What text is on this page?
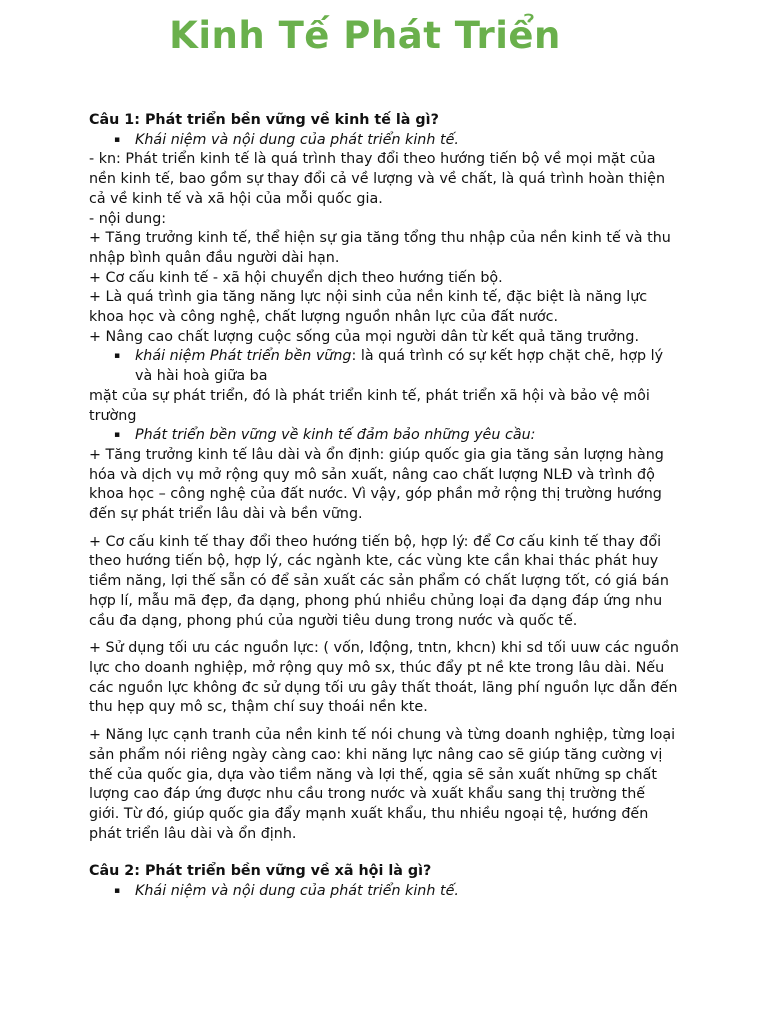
Kinh Tế Phát Triển

Câu 1: Phát triển bền vững về kinh tế là gì?

▪ Khái niệm và nội dung của phát triển kinh tế.

- kn: Phát triển kinh tế là quá trình thay đổi theo hướng tiến bộ về mọi mặt của nền kinh tế, bao gồm sự thay đổi cả về lượng và về chất, là quá trình hoàn thiện cả về kinh tế và xã hội của mỗi quốc gia.

- nội dung:

+ Tăng trưởng kinh tế, thể hiện sự gia tăng tổng thu nhập của nền kinh tế và thu nhập bình quân đầu người dài hạn.

+ Cơ cấu kinh tế - xã hội chuyển dịch theo hướng tiến bộ.

+ Là quá trình gia tăng năng lực nội sinh của nền kinh tế, đặc biệt là năng lực khoa học và công nghệ, chất lượng nguồn nhân lực của đất nước.

+ Nâng cao chất lượng cuộc sống của mọi người dân từ kết quả tăng trưởng.

▪ khái niệm Phát triển bền vững: là quá trình có sự kết hợp chặt chẽ, hợp lý và hài hoà giữa ba

mặt của sự phát triển, đó là phát triển kinh tế, phát triển xã hội và bảo vệ môi trường

▪ Phát triển bền vững về kinh tế đảm bảo những yêu cầu:

+ Tăng trưởng kinh tế lâu dài và ổn định: giúp quốc gia gia tăng sản lượng hàng hóa và dịch vụ mở rộng quy mô sản xuất, nâng cao chất lượng NLĐ và trình độ khoa học – công nghệ của đất nước. Vì vậy, góp phần mở rộng thị trường hướng đến sự phát triển lâu dài và bền vững.

+ Cơ cấu kinh tế thay đổi theo hướng tiến bộ, hợp lý: để Cơ cấu kinh tế thay đổi theo hướng tiến bộ, hợp lý, các ngành kte, các vùng kte cần khai thác phát huy tiềm năng, lợi thế sẵn có để sản xuất các sản phẩm có chất lượng tốt, có giá bán hợp lí, mẫu mã đẹp, đa dạng, phong phú nhiều chủng loại đa dạng đáp ứng nhu cầu đa dạng, phong phú của người tiêu dung trong nước và quốc tế.

+ Sử dụng tối ưu các nguồn lực: ( vốn, lđộng, tntn, khcn) khi sd tối uuw các nguồn lực cho doanh nghiệp, mở rộng quy mô sx, thúc đẩy pt nề kte trong lâu dài. Nếu các nguồn lực không đc sử dụng tối ưu gây thất thoát, lãng phí nguồn lực dẫn đến thu hẹp quy mô sc, thậm chí suy thoái nền kte.

+ Năng lực cạnh tranh của nền kinh tế nói chung và từng doanh nghiệp, từng loại sản phẩm nói riêng ngày càng cao: khi năng lực nâng cao sẽ giúp tăng cường vị thế của quốc gia, dựa vào tiềm năng và lợi thế, qgia sẽ sản xuất những sp chất lượng cao đáp ứng được nhu cầu trong nước và xuất khẩu sang thị trường thế giới. Từ đó, giúp quốc gia đẩy mạnh xuất khẩu, thu nhiều ngoại tệ, hướng đến phát triển lâu dài và ổn định.

Câu 2: Phát triển bền vững về xã hội là gì?

▪ Khái niệm và nội dung của phát triển kinh tế.
